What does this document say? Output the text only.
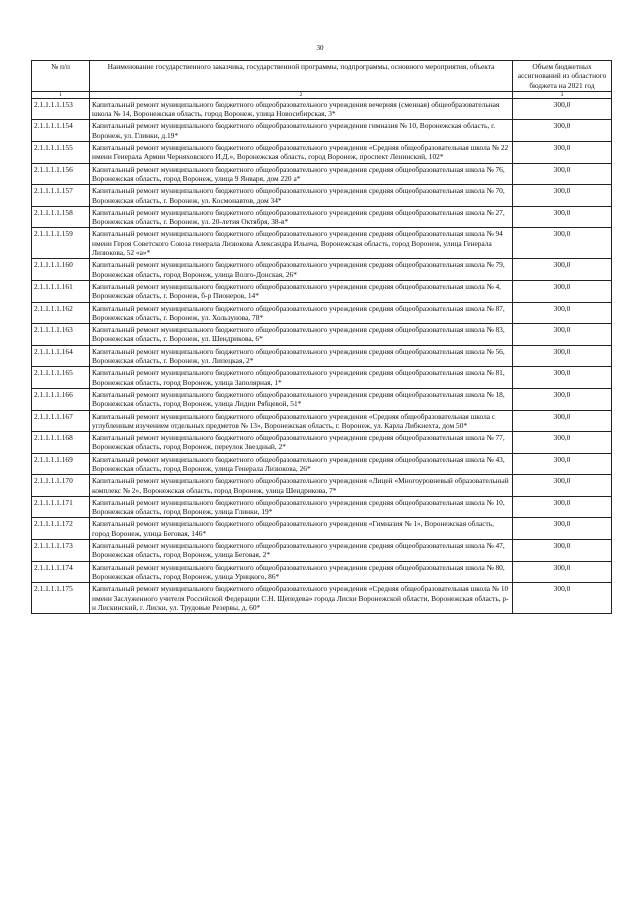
30
№ п/п	Наименование государственного заказчика, государственной программы, подпрограммы, основного мероприятия, объекта	Объем бюджетных ассигнований из областного бюджета на 2021 год
1	2	3
2.1.1.1.1.153	Капитальный ремонт муниципального бюджетного общеобразовательного учреждения вечерняя (сменная) общеобразовательная школа № 14, Воронежская область, город Воронеж, улица Новосибирская, 3*	300,0
2.1.1.1.1.154	Капитальный ремонт муниципального бюджетного общеобразовательного учреждения гимназия № 10, Воронежская область, г. Воронеж, ул. Глинки, д.19*	300,0
2.1.1.1.1.155	Капитальный ремонт муниципального бюджетного общеобразовательного учреждения «Средняя общеобразовательная школа № 22 имени Генерала Армии Черняховского И.Д.», Воронежская область, город Воронеж, проспект Ленинский, 102*	300,0
2.1.1.1.1.156	Капитальный ремонт муниципального бюджетного общеобразовательного учреждения средняя общеобразовательная школа № 76, Воронежская область, город Воронеж, улица 9 Января, дом 220 а*	300,0
2.1.1.1.1.157	Капитальный ремонт муниципального бюджетного общеобразовательного учреждения средняя общеобразовательная школа № 70, Воронежская область, г. Воронеж, ул. Космонавтов, дом 34*	300,0
2.1.1.1.1.158	Капитальный ремонт муниципального бюджетного общеобразовательного учреждения средняя общеобразовательная школа № 27, Воронежская область, г. Воронеж, ул. 20-летия Октября, 38-в*	300,0
2.1.1.1.1.159	Капитальный ремонт муниципального бюджетного общеобразовательного учреждения средняя общеобразовательная школа № 94 имени Героя Советского Союза генерала Лизюкова Александра Ильича, Воронежская область, город Воронеж, улица Генерала Лизюкова, 52 «а»*	300,0
2.1.1.1.1.160	Капитальный ремонт муниципального бюджетного общеобразовательного учреждения средняя общеобразовательная школа № 79, Воронежская область, город Воронеж, улица Волго-Донская, 26*	300,0
2.1.1.1.1.161	Капитальный ремонт муниципального бюджетного общеобразовательного учреждения средняя общеобразовательная школа № 4, Воронежская область, г. Воронеж, б-р Пионеров, 14*	300,0
2.1.1.1.1.162	Капитальный ремонт муниципального бюджетного общеобразовательного учреждения средняя общеобразовательная школа № 87, Воронежская область, г. Воронеж, ул. Хользунова, 78*	300,0
2.1.1.1.1.163	Капитальный ремонт муниципального бюджетного общеобразовательного учреждения средняя общеобразовательная школа № 83, Воронежская область, г. Воронеж, ул. Шендрикова, 6*	300,0
2.1.1.1.1.164	Капитальный ремонт муниципального бюджетного общеобразовательного учреждения средняя общеобразовательная школа № 56, Воронежская область, г. Воронеж, ул. Липецкая, 2*	300,0
2.1.1.1.1.165	Капитальный ремонт муниципального бюджетного общеобразовательного учреждения средняя общеобразовательная школа № 81, Воронежская область, город Воронеж, улица Заполярная, 1*	300,0
2.1.1.1.1.166	Капитальный ремонт муниципального бюджетного общеобразовательного учреждения средняя общеобразовательная школа № 18, Воронежская область, город Воронеж, улица Лидии Рябцевой, 51*	300,0
2.1.1.1.1.167	Капитальный ремонт муниципального бюджетного общеобразовательного учреждения «Средняя общеобразовательная школа с углубленным изучением отдельных предметов № 13», Воронежская область, г. Воронеж, ул. Карла Либкнехта, дом 50*	300,0
2.1.1.1.1.168	Капитальный ремонт муниципального бюджетного общеобразовательного учреждения средняя общеобразовательная школа № 77, Воронежская область, город Воронеж, переулок Звездный, 2*	300,0
2.1.1.1.1.169	Капитальный ремонт муниципального бюджетного общеобразовательного учреждения средняя общеобразовательная школа № 43, Воронежская область, город Воронеж, улица Генерала Лизюкова, 26*	300,0
2.1.1.1.1.170	Капитальный ремонт муниципального бюджетного общеобразовательного учреждения «Лицей «Многоуровневый образовательный комплекс № 2», Воронежская область, город Воронеж, улица Шендрикова, 7*	300,0
2.1.1.1.1.171	Капитальный ремонт муниципального бюджетного общеобразовательного учреждения средняя общеобразовательная школа № 10, Воронежская область, город Воронеж, улица Глинки, 19*	300,0
2.1.1.1.1.172	Капитальный ремонт муниципального бюджетного общеобразовательного учреждения «Гимназия № 1», Воронежская область, город Воронеж, улица Беговая, 146*	300,0
2.1.1.1.1.173	Капитальный ремонт муниципального бюджетного общеобразовательного учреждения средняя общеобразовательная школа № 47, Воронежская область, город Воронеж, улица Беговая, 2*	300,0
2.1.1.1.1.174	Капитальный ремонт муниципального бюджетного общеобразовательного учреждения средняя общеобразовательная школа № 80, Воронежская область, город Воронеж, улица Урицкого, 86*	300,0
2.1.1.1.1.175	Капитальный ремонт муниципального бюджетного общеобразовательного учреждения «Средняя общеобразовательная школа № 10 имени Заслуженного учителя Российской Федерации С.Н. Щепедева» города Лиски Воронежской области, Воронежская область, р-н Лискинский, г. Лиски, ул. Трудовые Резервы, д. 60*	300,0
